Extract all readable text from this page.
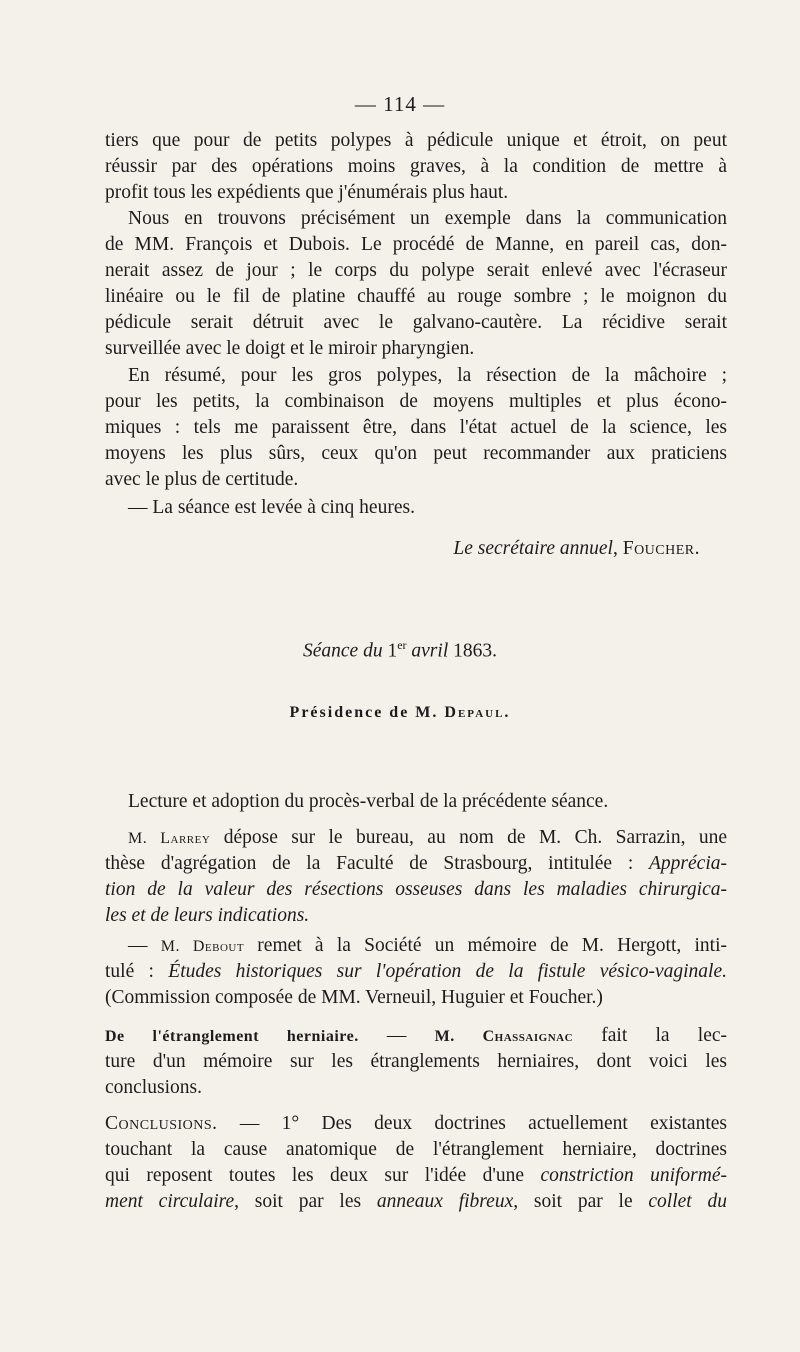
— 114 —
tiers que pour de petits polypes à pédicule unique et étroit, on peut
réussir par des opérations moins graves, à la condition de mettre à
profit tous les expédients que j'énumérais plus haut.
Nous en trouvons précisément un exemple dans la communication
de MM. François et Dubois. Le procédé de Manne, en pareil cas, don-
nerait assez de jour ; le corps du polype serait enlevé avec l'écraseur
linéaire ou le fil de platine chauffé au rouge sombre ; le moignon du
pédicule serait détruit avec le galvano-cautère. La récidive serait
surveillée avec le doigt et le miroir pharyngien.
En résumé, pour les gros polypes, la résection de la mâchoire ;
pour les petits, la combinaison de moyens multiples et plus écono-
miques : tels me paraissent être, dans l'état actuel de la science, les
moyens les plus sûrs, ceux qu'on peut recommander aux praticiens
avec le plus de certitude.
— La séance est levée à cinq heures.
Le secrétaire annuel, Foucher.
Séance du 1er avril 1863.
Présidence de M. Depaul.
Lecture et adoption du procès-verbal de la précédente séance.
M. Larrey dépose sur le bureau, au nom de M. Ch. Sarrazin, une
thèse d'agrégation de la Faculté de Strasbourg, intitulée : Apprécia-
tion de la valeur des résections osseuses dans les maladies chirurgica-
les et de leurs indications.
— M. Debout remet à la Société un mémoire de M. Hergott, inti-
tulé : Études historiques sur l'opération de la fistule vésico-vaginale.
(Commission composée de MM. Verneuil, Huguier et Foucher.)
De l'étranglement herniaire. — M. Chassaignac fait la lec-
ture d'un mémoire sur les étranglements herniaires, dont voici les
conclusions.
Conclusions. — 1° Des deux doctrines actuellement existantes
touchant la cause anatomique de l'étranglement herniaire, doctrines
qui reposent toutes les deux sur l'idée d'une constriction uniformé-
ment circulaire, soit par les anneaux fibreux, soit par le collet du
